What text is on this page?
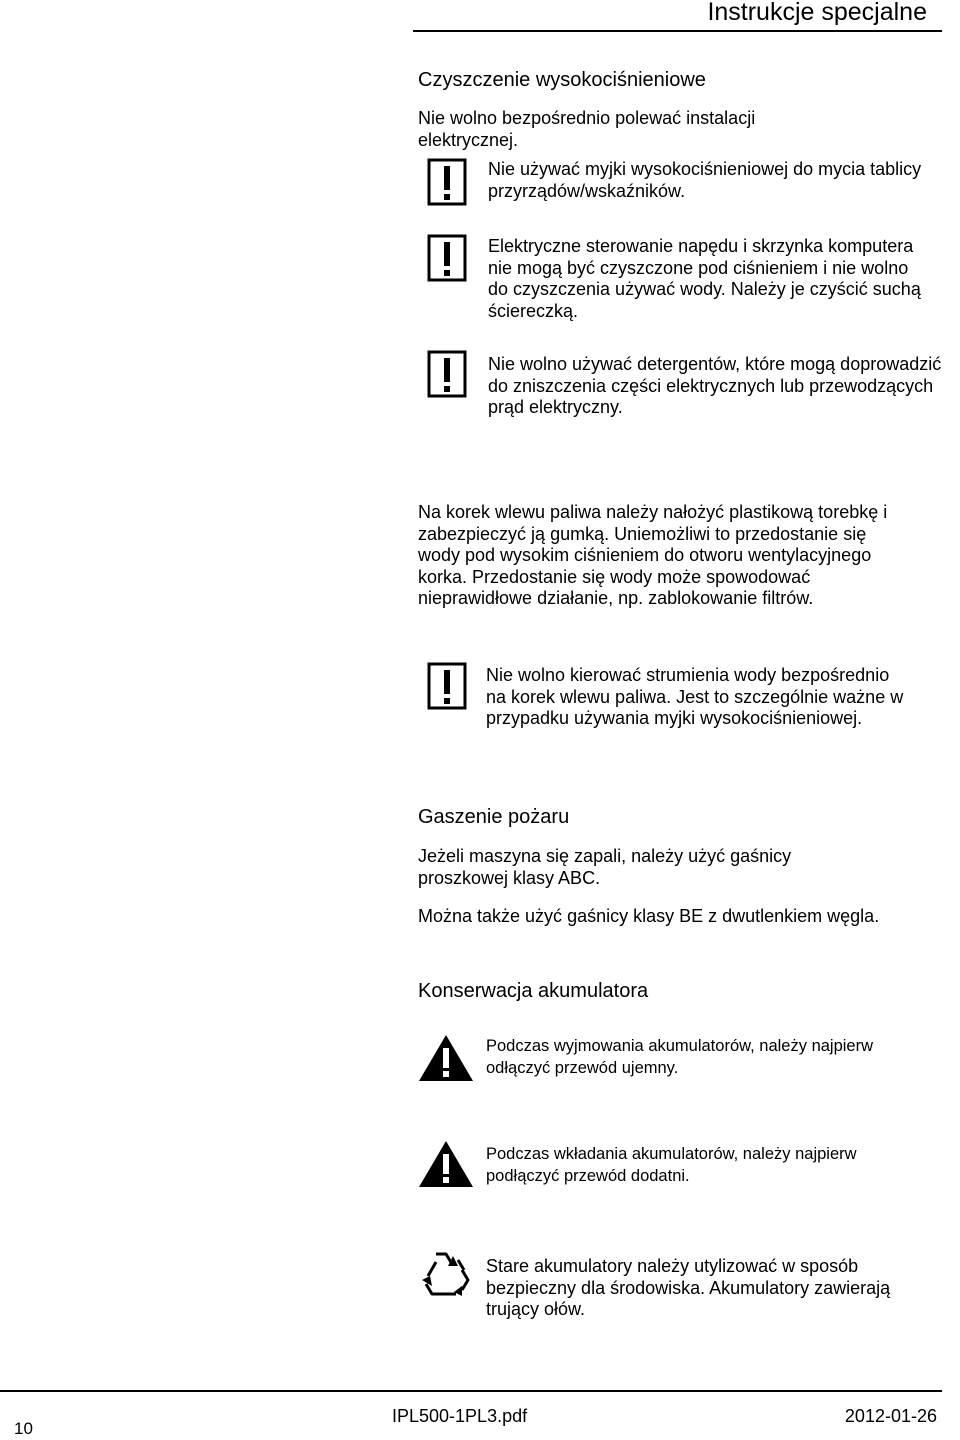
Instrukcje specjalne
Czyszczenie wysokociśnieniowe
Nie wolno bezpośrednio polewać instalacji elektrycznej.
Nie używać myjki wysokociśnieniowej do mycia tablicy przyrządów/wskaźników.
Elektryczne sterowanie napędu i skrzynka komputera nie mogą być czyszczone pod ciśnieniem i nie wolno do czyszczenia używać wody. Należy je czyścić suchą ściereczką.
Nie wolno używać detergentów, które mogą doprowadzić do zniszczenia części elektrycznych lub przewodzących prąd elektryczny.
Na korek wlewu paliwa należy nałożyć plastikową torebkę i zabezpieczyć ją gumką. Uniemożliwi to przedostanie się wody pod wysokim ciśnieniem do otworu wentylacyjnego korka. Przedostanie się wody może spowodować nieprawidłowe działanie, np. zablokowanie filtrów.
Nie wolno kierować strumienia wody bezpośrednio na korek wlewu paliwa. Jest to szczególnie ważne w przypadku używania myjki wysokociśnieniowej.
Gaszenie pożaru
Jeżeli maszyna się zapali, należy użyć gaśnicy proszkowej klasy ABC.
Można także użyć gaśnicy klasy BE z dwutlenkiem węgla.
Konserwacja akumulatora
Podczas wyjmowania akumulatorów, należy najpierw odłączyć przewód ujemny.
Podczas wkładania akumulatorów, należy najpierw podłączyć przewód dodatni.
Stare akumulatory należy utylizować w sposób bezpieczny dla środowiska. Akumulatory zawierają trujący ołów.
10
IPL500-1PL3.pdf	2012-01-26
